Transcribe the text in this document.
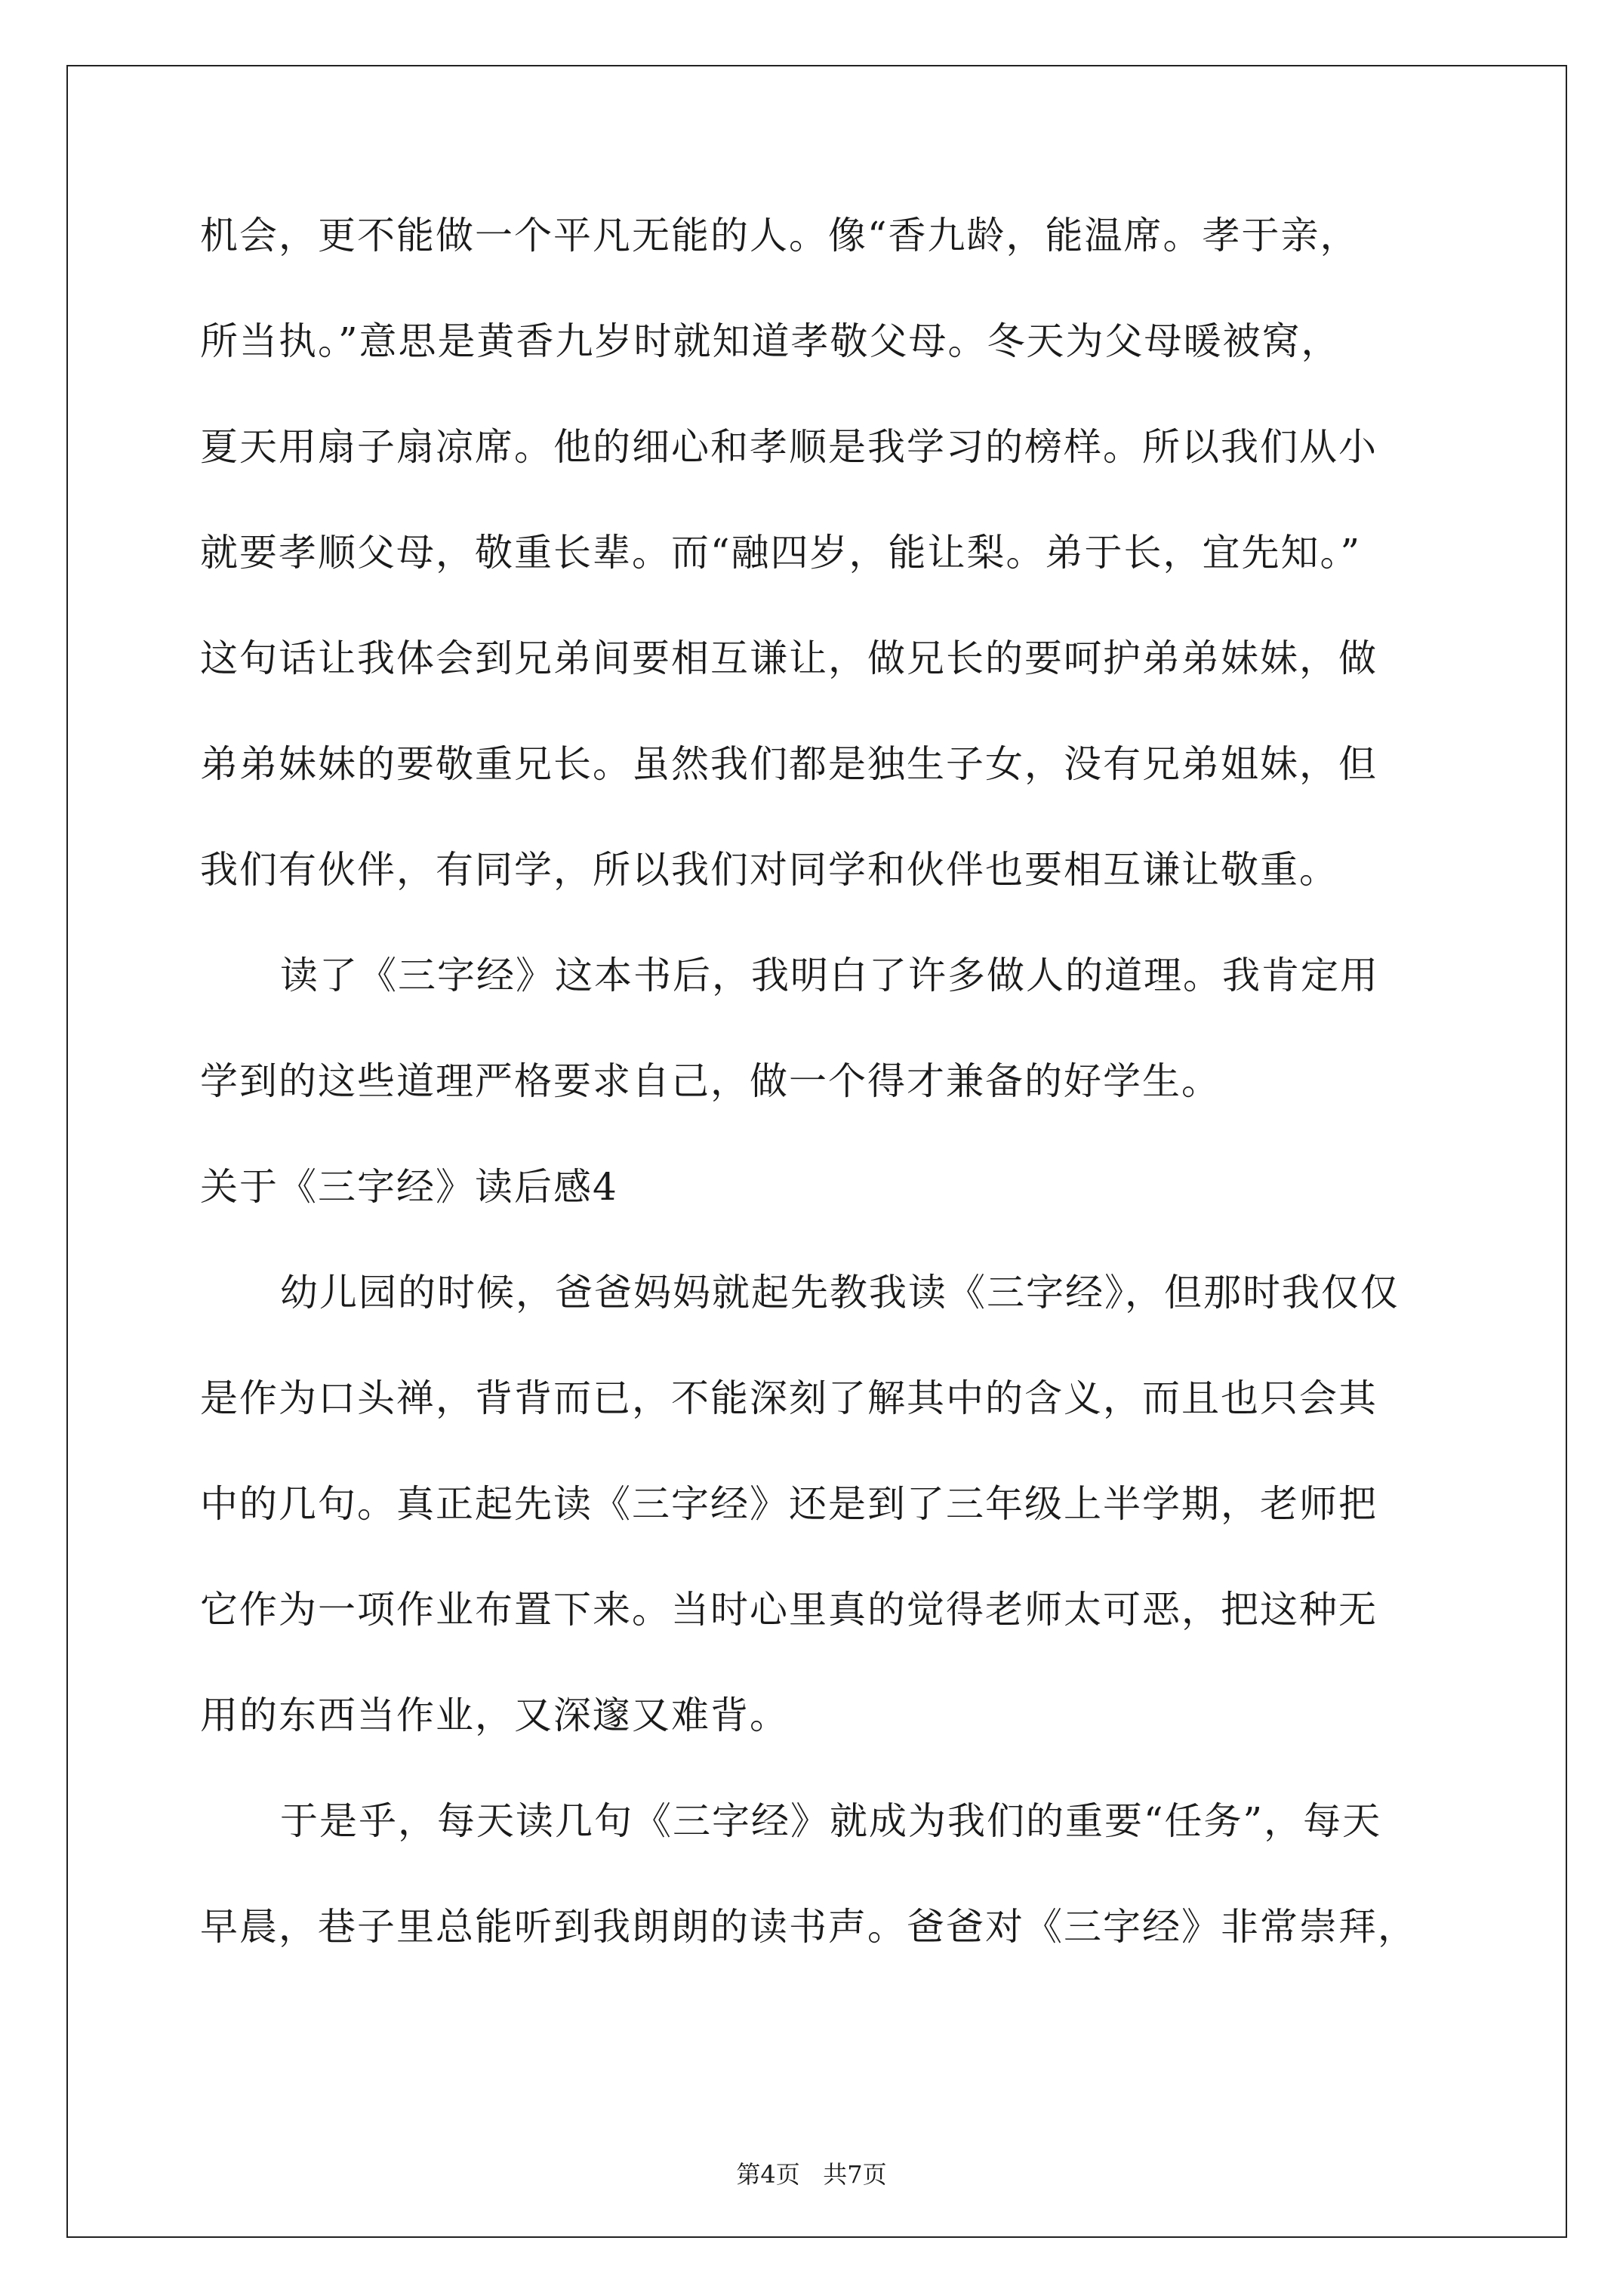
机会，更不能做一个平凡无能的人。像“香九龄，能温席。孝于亲，
所当执。”意思是黄香九岁时就知道孝敬父母。冬天为父母暖被窝，
夏天用扇子扇凉席。他的细心和孝顺是我学习的榜样。所以我们从小
就要孝顺父母，敬重长辈。而“融四岁，能让梨。弟于长，宜先知。”
这句话让我体会到兄弟间要相互谦让，做兄长的要呵护弟弟妹妹，做
弟弟妹妹的要敬重兄长。虽然我们都是独生子女，没有兄弟姐妹，但
我们有伙伴，有同学，所以我们对同学和伙伴也要相互谦让敬重。
读了《三字经》这本书后，我明白了许多做人的道理。我肯定用
学到的这些道理严格要求自己，做一个得才兼备的好学生。
关于《三字经》读后感4
幼儿园的时候，爸爸妈妈就起先教我读《三字经》，但那时我仅仅
是作为口头禅，背背而已，不能深刻了解其中的含义，而且也只会其
中的几句。真正起先读《三字经》还是到了三年级上半学期，老师把
它作为一项作业布置下来。当时心里真的觉得老师太可恶，把这种无
用的东西当作业，又深邃又难背。
于是乎，每天读几句《三字经》就成为我们的重要“任务”，每天
早晨，巷子里总能听到我朗朗的读书声。爸爸对《三字经》非常崇拜，
第4页   共7页
